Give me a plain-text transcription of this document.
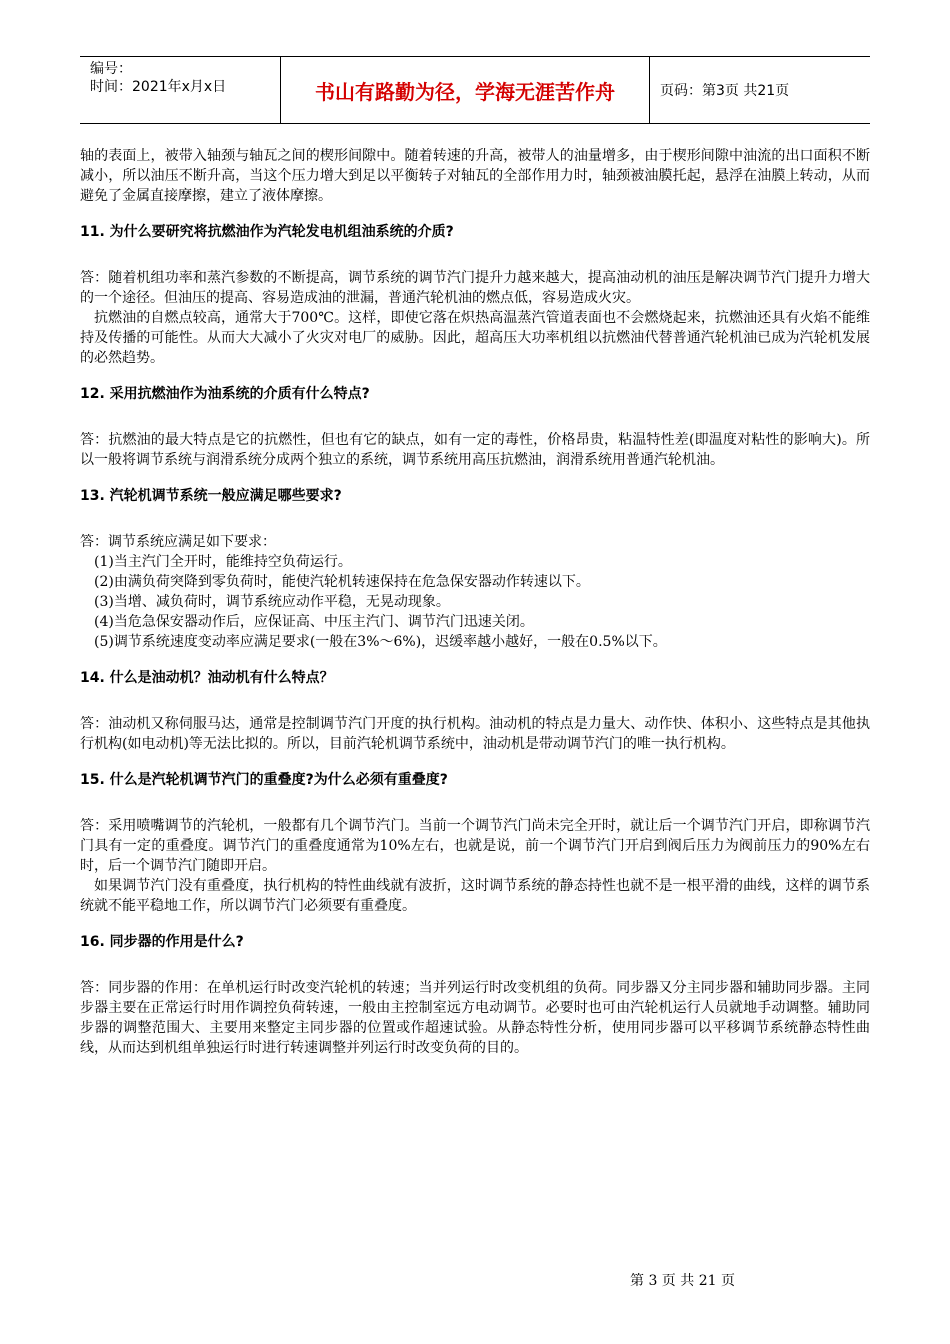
编号：
时间：2021年x月x日	书山有路勤为径，学海无涯苦作舟	页码：第3页 共21页

轴的表面上，被带入轴颈与轴瓦之间的楔形间隙中。随着转速的升高，被带人的油量增多，由于楔形间隙中油流的出口面积不断减小，所以油压不断升高，当这个压力增大到足以平衡转子对轴瓦的全部作用力时，轴颈被油膜托起，悬浮在油膜上转动，从而避免了金属直接摩擦，建立了液体摩擦。

11. 为什么要研究将抗燃油作为汽轮发电机组油系统的介质?

答：随着机组功率和蒸汽参数的不断提高，调节系统的调节汽门提升力越来越大，提高油动机的油压是解决调节汽门提升力增大的一个途径。但油压的提高、容易造成油的泄漏，普通汽轮机油的燃点低，容易造成火灾。

抗燃油的自燃点较高，通常大于700℃。这样，即使它落在炽热高温蒸汽管道表面也不会燃烧起来，抗燃油还具有火焰不能维持及传播的可能性。从而大大减小了火灾对电厂的威胁。因此，超高压大功率机组以抗燃油代替普通汽轮机油已成为汽轮机发展的必然趋势。

12. 采用抗燃油作为油系统的介质有什么特点?

答：抗燃油的最大特点是它的抗燃性，但也有它的缺点，如有一定的毒性，价格昂贵，粘温特性差(即温度对粘性的影响大)。所以一般将调节系统与润滑系统分成两个独立的系统，调节系统用高压抗燃油，润滑系统用普通汽轮机油。

13. 汽轮机调节系统一般应满足哪些要求?

答：调节系统应满足如下要求：

(1)当主汽门全开时，能维持空负荷运行。

(2)由满负荷突降到零负荷时，能使汽轮机转速保持在危急保安器动作转速以下。

(3)当增、减负荷时，调节系统应动作平稳，无晃动现象。

(4)当危急保安器动作后，应保证高、中压主汽门、调节汽门迅速关闭。

(5)调节系统速度变动率应满足要求(一般在3%～6%)，迟缓率越小越好，一般在0.5%以下。

14. 什么是油动机？油动机有什么特点？

答：油动机又称伺服马达，通常是控制调节汽门开度的执行机构。油动机的特点是力量大、动作快、体积小、这些特点是其他执行机构(如电动机)等无法比拟的。所以，目前汽轮机调节系统中，油动机是带动调节汽门的唯一执行机构。

15. 什么是汽轮机调节汽门的重叠度?为什么必须有重叠度?

答：采用喷嘴调节的汽轮机，一般都有几个调节汽门。当前一个调节汽门尚未完全开时，就让后一个调节汽门开启，即称调节汽门具有一定的重叠度。调节汽门的重叠度通常为10%左右，也就是说，前一个调节汽门开启到阀后压力为阀前压力的90%左右时，后一个调节汽门随即开启。

如果调节汽门没有重叠度，执行机构的特性曲线就有波折，这时调节系统的静态持性也就不是一根平滑的曲线，这样的调节系统就不能平稳地工作，所以调节汽门必须要有重叠度。

16. 同步器的作用是什么?

答：同步器的作用：在单机运行时改变汽轮机的转速；当并列运行时改变机组的负荷。同步器又分主同步器和辅助同步器。主同步器主要在正常运行时用作调控负荷转速，一般由主控制室远方电动调节。必要时也可由汽轮机运行人员就地手动调整。辅助同步器的调整范围大、主要用来整定主同步器的位置或作超速试验。从静态特性分析，使用同步器可以平移调节系统静态特性曲线，从而达到机组单独运行时进行转速调整并列运行时改变负荷的目的。

第 3 页 共 21 页
